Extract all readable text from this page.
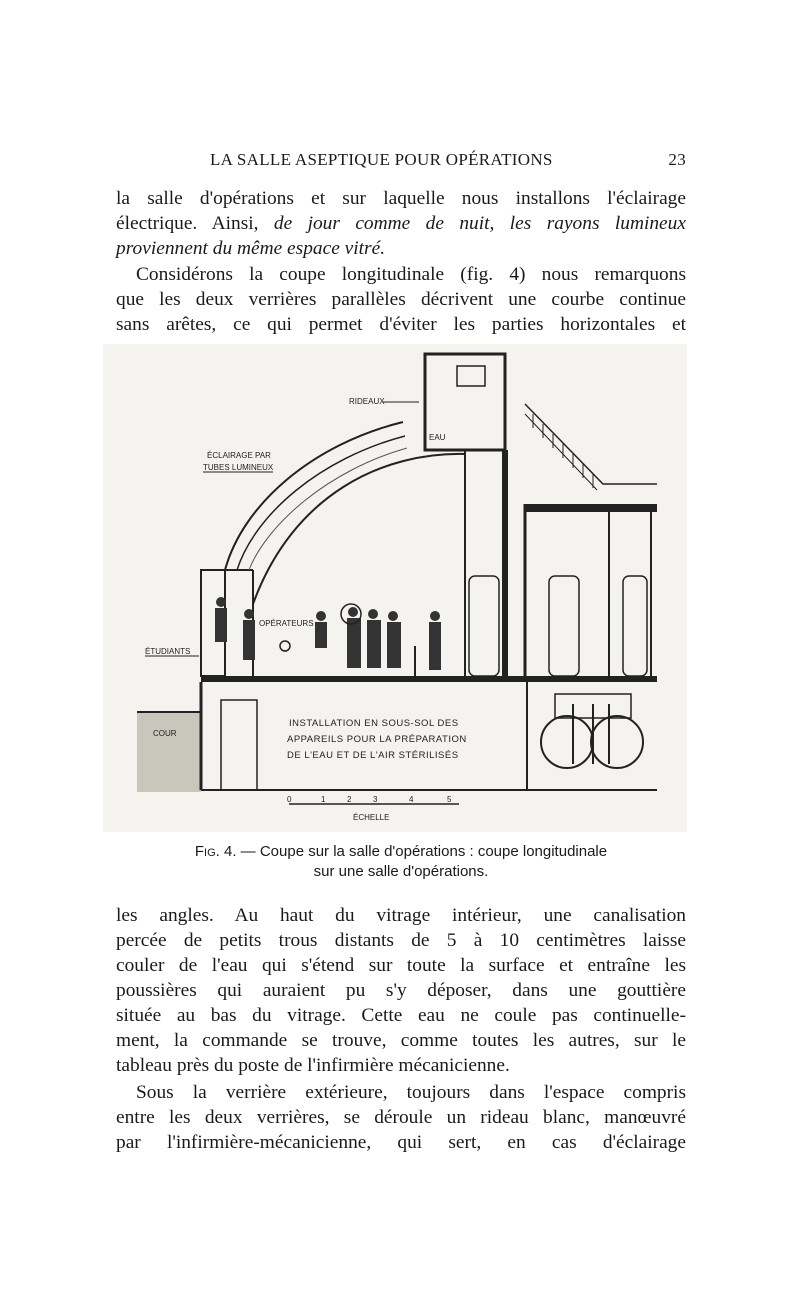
LA SALLE ASEPTIQUE POUR OPÉRATIONS	23
la salle d'opérations et sur laquelle nous installons l'éclairage
électrique. Ainsi, de jour comme de nuit, les rayons lumineux
proviennent du même espace vitré.
Considérons la coupe longitudinale (fig. 4) nous remarquons
que les deux verrières parallèles décrivent une courbe continue
sans arêtes, ce qui permet d'éviter les parties horizontales et
RIDEAUX
ÉCLAIRAGE PAR
TUBES LUMINEUX
EAU
ÉTUDIANTS
OPÉRATEURS
COUR
INSTALLATION EN SOUS-SOL DES
APPAREILS POUR LA PRÉPARATION
DE L'EAU ET DE L'AIR STÉRILISÉS
0	1	2	3	4	5
ÉCHELLE
Fig. 4. — Coupe sur la salle d'opérations : coupe longitudinale
sur une salle d'opérations.
les angles. Au haut du vitrage intérieur, une canalisation
percée de petits trous distants de 5 à 10 centimètres laisse
couler de l'eau qui s'étend sur toute la surface et entraîne les
poussières qui auraient pu s'y déposer, dans une gouttière
située au bas du vitrage. Cette eau ne coule pas continuelle-
ment, la commande se trouve, comme toutes les autres, sur le
tableau près du poste de l'infirmière mécanicienne.
Sous la verrière extérieure, toujours dans l'espace compris
entre les deux verrières, se déroule un rideau blanc, manœuvré
par l'infirmière-mécanicienne, qui sert, en cas d'éclairage
